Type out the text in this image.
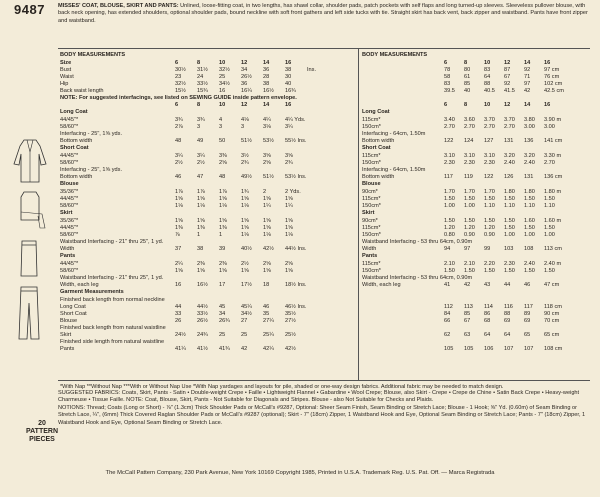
9487 MISSES' COAT, BLOUSE, SKIRT AND PANTS: Unlined, loose-fitting coat, in two lengths, has shawl collar, shoulder pads, patch pockets with self flaps and long turned-up sleeves. Sleeveless pullover blouse, with back neck opening, has extended shoulders, optional shoulder pads, bound neckline with soft front gathers and left side tucks with tie. Straight skirt has back vent, back zipper and waistband. Pants have front zipper and waistband.
BODY MEASUREMENTS
Size	6	8	10	12	14	16
Bust	30½ 31½ 32½ 34	36	38	Ins.
Waist	23	24	25	26½ 28	30
Hip	32½ 33½ 34½ 36	38	40
Back waist length	15½ 15¾ 16	16¼ 16½ 16¾
NOTE: For suggested interfacings, see listed on SEWING GUIDE inside pattern envelope.
6	8	10	12	14	16
Long Coat
44/45"*	3¾	3¾	4	4⅛	4¼	4¼ Yds.
58/60"*	2⅞	3	3	3	3⅛	3¼
Interfacing - 25", 1⅝ yds.
Bottom width	48	49	50	51½ 53½ 55½ Ins.
Short Coat
44/45"*	3¼	3¼	3⅜	3½	3⅝	3⅝
58/60"*	2½	2½	2⅝	2¾	2⅝	2¾
Interfacing - 25", 1⅝ yds.
Bottom width	46	47	48	49½ 51½ 53½ Ins.
Blouse
35/36"*	1⅞	1⅞	1⅞	1¾	2	2 Yds.
44/45"*	1⅝	1⅝	1⅝	1⅝	1⅝	1⅝
58/60"*	1⅛	1⅛	1⅛	1⅛	1¼	1¼
Skirt
35/36"*	1⅝	1⅝	1⅝	1⅝	1⅝	1⅝
44/45"*	1⅜	1⅜	1⅜	1⅝	1⅝	1⅝
58/60"*	⅞	1	1	1⅛	1⅛	1⅛
Waistband Interfacing - 21" thru 25", 1 yd.
Width	37	38	39	40½ 42½ 44½ Ins.
Pants
44/45"*	2¼	2⅜	2⅜	2½	2⅝	2⅝
58/60"*	1⅝	1⅝	1⅝	1⅝	1⅝	1⅝
Waistband Interfacing - 21" thru 25", 1 yd.
Width, each leg	16	16½ 17	17½ 18	18½ Ins.
Garment Measurements
Finished back length from normal neckline
Long Coat	44	44½ 45	45¼ 46	46½ Ins.
Short Coat	33	33½ 34	34½ 35	35½
Blouse	26	26½ 26¾ 27	27¼ 27½
Finished back length from natural waistline
Skirt	24½ 24¾ 25	25	25¼ 25½
Finished side length from natural waistline
Pants	41¼ 41½ 41¾ 42	42¼ 42½
BODY MEASUREMENTS
6	8	10 12 14 16
78 80 83 87 92 97 cm
58 61 64 67 71 76 cm
83 85 88 92 97 102 cm
39.5 40 40.5 41.5 42 42.5 cm
6	8	10 12 14 16
Long Coat
115cm*	3.40 3.60 3.70 3.70 3.80 3.90 m
150cm*	2.70 2.70 2.70 2.70 3.00 3.00
Interfacing - 64cm, 1.50m
Bottom width	122 124 127 131 136 141 cm
Short Coat
115cm*	3.10 3.10 3.10 3.20 3.20 3.30 m
150cm*	2.30 2.30 2.30 2.40 2.40 2.70
Interfacing - 64cm, 1.50m
Bottom width	117 119 122 126 131 136 cm
Blouse
90cm*	1.70 1.70 1.70 1.80 1.80 1.80 m
115cm*	1.50 1.50 1.50 1.50 1.50 1.50
150cm*	1.00 1.00 1.10 1.10 1.10 1.10
Skirt
90cm*	1.50 1.50 1.50 1.50 1.60 1.60 m
115cm*	1.20 1.20 1.20 1.50 1.50 1.50
150cm*	0.80 0.90 0.90 1.00 1.00 1.00
Waistband Interfacing - 53 thru 64cm, 0.90m
Width	94 97 99 103 108 113 cm
Pants
115cm*	2.10 2.10 2.20 2.30 2.40 2.40 m
150cm*	1.50 1.50 1.50 1.50 1.50 1.50
Waistband Interfacing - 53 thru 64cm, 0.90m
Width, each leg	41 42 43 44 46 47 cm
112 113 114 116 117 118 cm
84 85 86 88 89 90 cm
66 67 68 69 69 70 cm
62 63 64 64 65 65 cm
105 105 106 107 107 108 cm
*With Nap **Without Nap ***With or Without Nap Use *With Nap yardages and layouts for pile, shaded or one-way design fabrics. Additional fabric may be needed to match design.
SUGGESTED FABRICS: Coats, Skirt, Pants - Satin • Double-weight Crepe • Faille • Lightweight Flannel • Gabardine • Wool Crepe; Blouse, also Skirt - Crepe • Crepe de Chine • Satin Back Crepe • Heavy-weight Charmeuse • Tissue Faille. NOTE: Coat, Blouse, Skirt, Pants - Not Suitable for Diagonals and Stripes. Blouse - also Not Suitable for Checks and Plaids.
NOTIONS: Thread; Coats (Long or Short) - ⅞" (1.3cm) Thick Shoulder Pads or McCall's #9287, Optional: Sheer Seam Finish, Seam Binding or Stretch Lace; Blouse - 1 Hook; ⅝" Yd. (0.60m) of Seam Binding or Stretch Lace, ¼", (6mm) Thick Covered Raglan Shoulder Pads or McCall's #9287 (optional); Skirt - 7" (18cm) Zipper, 1 Waistband Hook and Eye, Optional Seam Binding or Stretch Lace; Pants - 7" (18cm) Zipper, 1 Waistband Hook and Eye, Optional Seam Binding or Stretch Lace.
20
PATTERN
PIECES
The McCall Pattern Company, 230 Park Avenue, New York 10169 Copyright 1985, Printed in U.S.A. Trademark Reg. U.S. Pat. Off. — Marca Registrada
